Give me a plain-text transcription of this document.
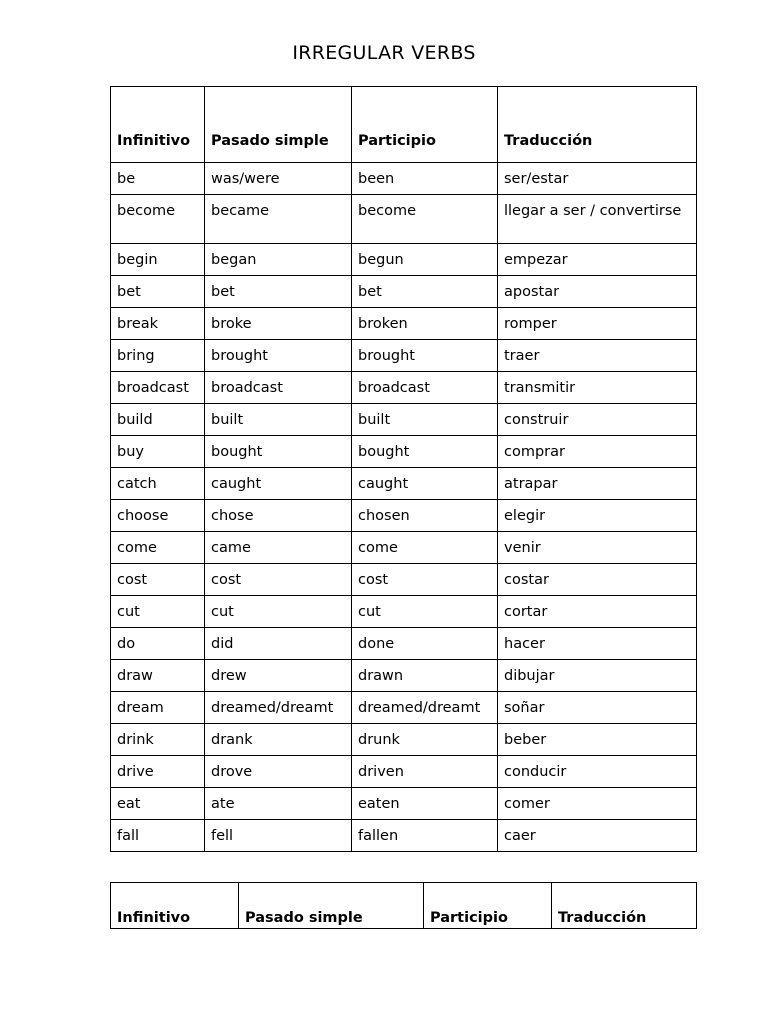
IRREGULAR VERBS
Infinitivo	Pasado simple	Participio	Traducción
be	was/were	been	ser/estar
become	became	become	llegar a ser / convertirse
begin	began	begun	empezar
bet	bet	bet	apostar
break	broke	broken	romper
bring	brought	brought	traer
broadcast	broadcast	broadcast	transmitir
build	built	built	construir
buy	bought	bought	comprar
catch	caught	caught	atrapar
choose	chose	chosen	elegir
come	came	come	venir
cost	cost	cost	costar
cut	cut	cut	cortar
do	did	done	hacer
draw	drew	drawn	dibujar
dream	dreamed/dreamt	dreamed/dreamt	soñar
drink	drank	drunk	beber
drive	drove	driven	conducir
eat	ate	eaten	comer
fall	fell	fallen	caer
Infinitivo	Pasado simple	Participio	Traducción
